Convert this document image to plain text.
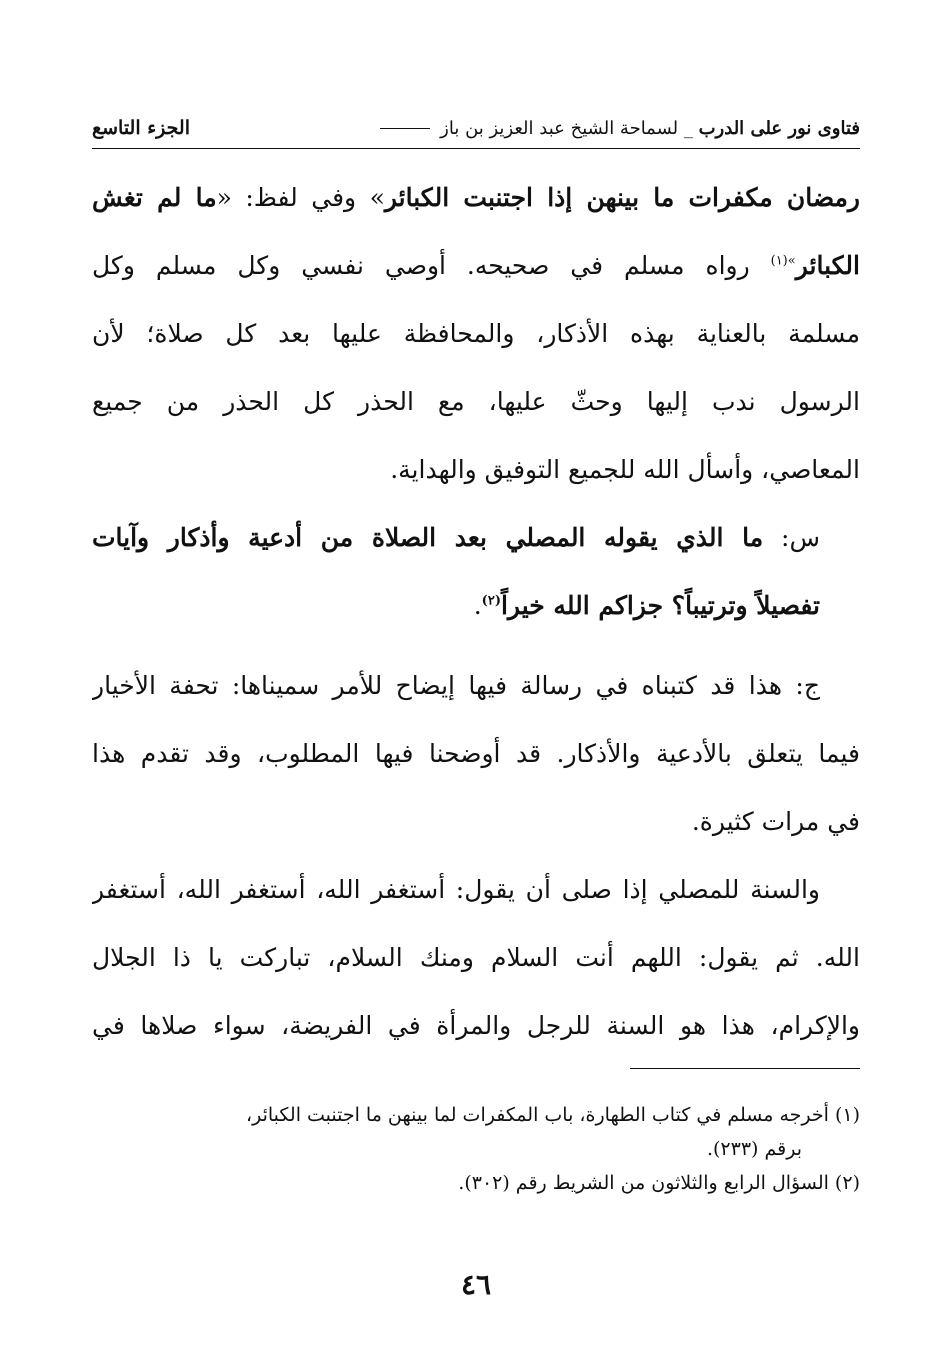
فتاوى نور على الدرب _ لسماحة الشيخ عبد العزيز بن باز
الجزء التاسع
رمضان مكفرات ما بينهن إذا اجتنبت الكبائر» وفي لفظ: «ما لم تغش
الكبائر$^{»(١)}$ رواه مسلم في صحيحه. أوصي نفسي وكل مسلم وكل
مسلمة بالعناية بهذه الأذكار، والمحافظة عليها بعد كل صلاة؛ لأن
الرسول ندب إليها وحثّ عليها، مع الحذر كل الحذر من جميع
المعاصي، وأسأل الله للجميع التوفيق والهداية.
س: ما الذي يقوله المصلي بعد الصلاة من أدعية وأذكار وآيات
تفصيلاً وترتيباً؟ جزاكم الله خيراً$^{(٢)}$.
ج: هذا قد كتبناه في رسالة فيها إيضاح للأمر سميناها: تحفة الأخيار
فيما يتعلق بالأدعية والأذكار. قد أوضحنا فيها المطلوب، وقد تقدم هذا
في مرات كثيرة.
والسنة للمصلي إذا صلى أن يقول: أستغفر الله، أستغفر الله، أستغفر
الله. ثم يقول: اللهم أنت السلام ومنك السلام، تباركت يا ذا الجلال
والإكرام، هذا هو السنة للرجل والمرأة في الفريضة، سواء صلاها في
(١) أخرجه مسلم في كتاب الطهارة، باب المكفرات لما بينهن ما اجتنبت الكبائر،
برقم (٢٣٣).
(٢) السؤال الرابع والثلاثون من الشريط رقم (٣٠٢).
٤٦
